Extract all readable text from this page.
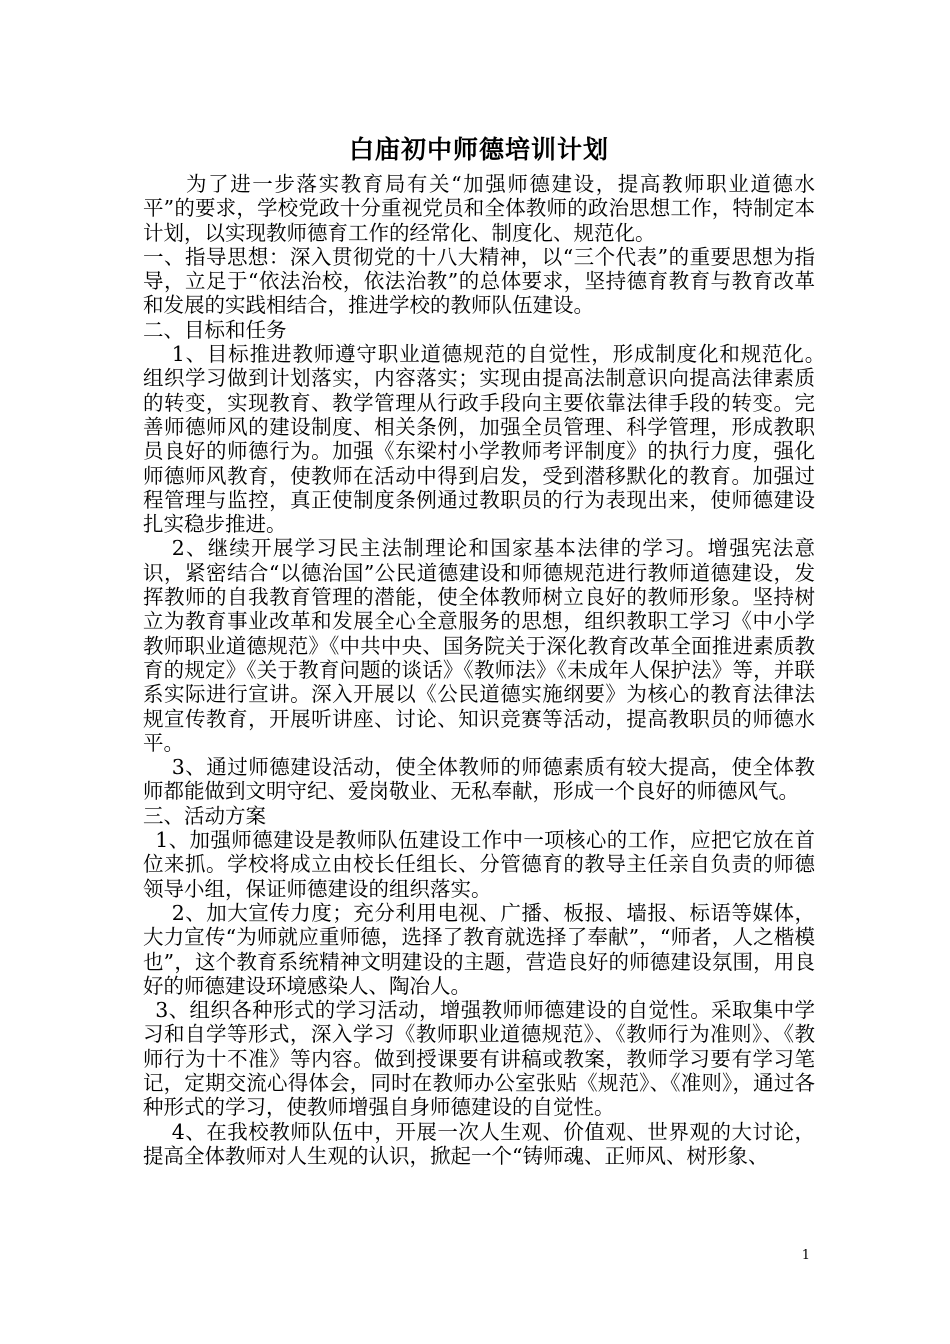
白庙初中师德培训计划

为了进一步落实教育局有关“加强师德建设，提高教师职业道德水平”的要求，学校党政十分重视党员和全体教师的政治思想工作，特制定本计划，以实现教师德育工作的经常化、制度化、规范化。

一、指导思想：深入贯彻党的十八大精神，以“三个代表”的重要思想为指导，立足于“依法治校，依法治教”的总体要求，坚持德育教育与教育改革和发展的实践相结合，推进学校的教师队伍建设。

二、目标和任务

1、目标推进教师遵守职业道德规范的自觉性，形成制度化和规范化。　组织学习做到计划落实，内容落实；实现由提高法制意识向提高法律素质的转变，实现教育、教学管理从行政手段向主要依靠法律手段的转变。完善师德师风的建设制度、相关条例，加强全员管理、科学管理，形成教职员良好的师德行为。加强《东梁村小学教师考评制度》的执行力度，强化师德师风教育，使教师在活动中得到启发，受到潜移默化的教育。加强过程管理与监控，真正使制度条例通过教职员的行为表现出来，使师德建设扎实稳步推进。

2、继续开展学习民主法制理论和国家基本法律的学习。增强宪法意识，紧密结合“以德治国”公民道德建设和师德规范进行教师道德建设，发挥教师的自我教育管理的潜能，使全体教师树立良好的教师形象。坚持树立为教育事业改革和发展全心全意服务的思想，组织教职工学习《中小学教师职业道德规范》《中共中央、国务院关于深化教育改革全面推进素质教育的规定》《关于教育问题的谈话》《教师法》《未成年人保护法》等，并联系实际进行宣讲。深入开展以《公民道德实施纲要》为核心的教育法律法规宣传教育，开展听讲座、讨论、知识竞赛等活动，提高教职员的师德水平。

3、通过师德建设活动，使全体教师的师德素质有较大提高，使全体教师都能做到文明守纪、爱岗敬业、无私奉献，形成一个良好的师德风气。

三、活动方案

1、加强师德建设是教师队伍建设工作中一项核心的工作，应把它放在首位来抓。学校将成立由校长任组长、分管德育的教导主任亲自负责的师德领导小组，保证师德建设的组织落实。

2、加大宣传力度；充分利用电视、广播、板报、墙报、标语等媒体，大力宣传“为师就应重师德，选择了教育就选择了奉献”，“师者，人之楷模也”，这个教育系统精神文明建设的主题，营造良好的师德建设氛围，用良好的师德建设环境感染人、陶冶人。

3、组织各种形式的学习活动，增强教师师德建设的自觉性。采取集中学习和自学等形式，深入学习《教师职业道德规范》、《教师行为准则》、《教师行为十不准》等内容。做到授课要有讲稿或教案，教师学习要有学习笔记，定期交流心得体会，同时在教师办公室张贴《规范》、《准则》，通过各种形式的学习，使教师增强自身师德建设的自觉性。

4、在我校教师队伍中，开展一次人生观、价值观、世界观的大讨论，提高全体教师对人生观的认识，掀起一个“铸师魂、正师风、树形象、

1
